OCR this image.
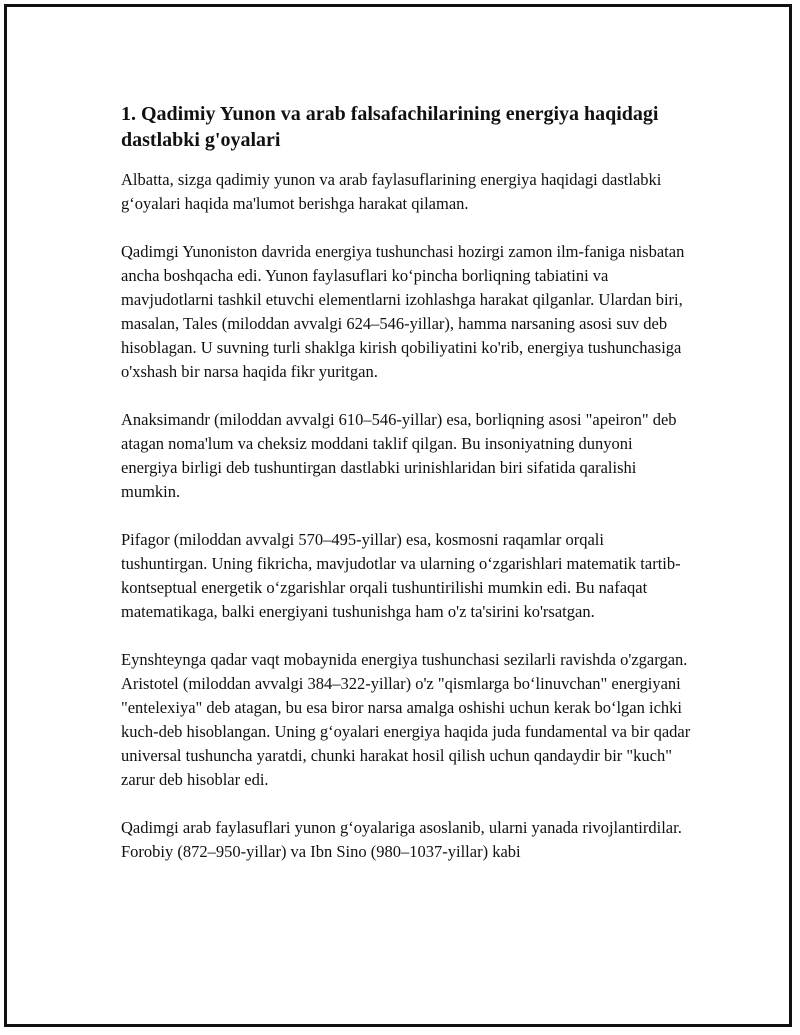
1. Qadimiy Yunon va arab falsafachilarining energiya haqidagi dastlabki g'oyalari

Albatta, sizga qadimiy yunon va arab faylasuflarining energiya haqidagi dastlabki g‘oyalari haqida ma'lumot berishga harakat qilaman.

Qadimgi Yunoniston davrida energiya tushunchasi hozirgi zamon ilm-faniga nisbatan ancha boshqacha edi. Yunon faylasuflari ko‘pincha borliqning tabiatini va mavjudotlarni tashkil etuvchi elementlarni izohlashga harakat qilganlar. Ulardan biri, masalan, Tales (miloddan avvalgi 624–546-yillar), hamma narsaning asosi suv deb hisoblagan. U suvning turli shaklga kirish qobiliyatini ko'rib, energiya tushunchasiga o'xshash bir narsa haqida fikr yuritgan.

Anaksimandr (miloddan avvalgi 610–546-yillar) esa, borliqning asosi "apeiron" deb atagan noma'lum va cheksiz moddani taklif qilgan. Bu insoniyatning dunyoni energiya birligi deb tushuntirgan dastlabki urinishlaridan biri sifatida qaralishi mumkin.

Pifagor (miloddan avvalgi 570–495-yillar) esa, kosmosni raqamlar orqali tushuntirgan. Uning fikricha, mavjudotlar va ularning o‘zgarishlari matematik tartib-kontseptual energetik o‘zgarishlar orqali tushuntirilishi mumkin edi. Bu nafaqat matematikaga, balki energiyani tushunishga ham o'z ta'sirini ko'rsatgan.

Eynshteynga qadar vaqt mobaynida energiya tushunchasi sezilarli ravishda o'zgargan. Aristotel (miloddan avvalgi 384–322-yillar) o'z "qismlarga bo‘linuvchan" energiyani "entelexiya" deb atagan, bu esa biror narsa amalga oshishi uchun kerak bo‘lgan ichki kuch-deb hisoblangan. Uning g‘oyalari energiya haqida juda fundamental va bir qadar universal tushuncha yaratdi, chunki harakat hosil qilish uchun qandaydir bir "kuch" zarur deb hisoblar edi.

Qadimgi arab faylasuflari yunon g‘oyalariga asoslanib, ularni yanada rivojlantirdilar. Forobiy (872–950-yillar) va Ibn Sino (980–1037-yillar) kabi
